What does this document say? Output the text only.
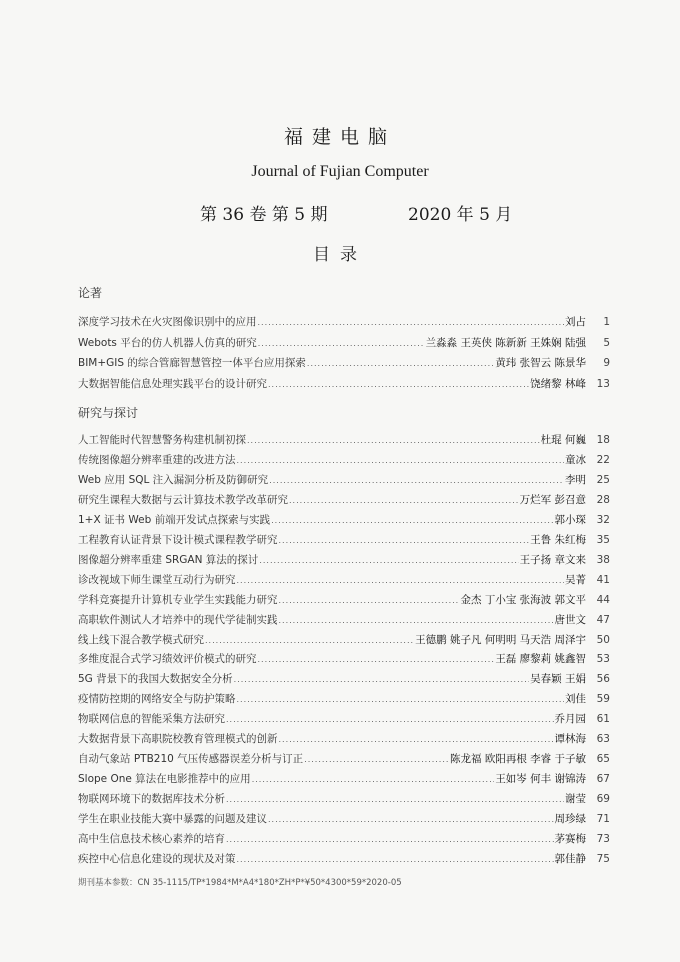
福建电脑
Journal of Fujian Computer
第 36 卷 第 5 期	2020 年 5 月
目录
论著
深度学习技术在火灾图像识别中的应用 .....	刘占	1
Webots 平台的仿人机器人仿真的研究 .....	兰淼淼 王英侠 陈新新 王姝娴 陆强	5
BIM+GIS 的综合管廊智慧管控一体平台应用探索 .....	黄玮 张智云 陈景华	9
大数据智能信息处理实践平台的设计研究 .....	饶绪黎 林峰	13
研究与探讨
人工智能时代智慧警务构建机制初探 .....	杜琨 何巍	18
传统图像超分辨率重建的改进方法 .....	童冰	22
Web 应用 SQL 注入漏洞分析及防御研究 .....	李明	25
研究生课程大数据与云计算技术教学改革研究 .....	万烂军 彭召意	28
1+X 证书 Web 前端开发试点探索与实践 .....	郭小琛	32
工程教育认证背景下设计模式课程教学研究 .....	王鲁 朱红梅	35
图像超分辨率重建 SRGAN 算法的探讨 .....	王子扬 章文来	38
诊改视域下师生课堂互动行为研究 .....	吴菁	41
学科竞赛提升计算机专业学生实践能力研究 .....	金杰 丁小宝 张海波 郭文平	44
高职软件测试人才培养中的现代学徒制实践 .....	唐世文	47
线上线下混合教学模式研究 .....	王德鹏 姚子凡 何明明 马天浩 周泽宇	50
多维度混合式学习绩效评价模式的研究 .....	王磊 廖黎莉 姚鑫智	53
5G 背景下的我国大数据安全分析 .....	吴春颖 王娟	56
疫情防控期的网络安全与防护策略 .....	刘佳	59
物联网信息的智能采集方法研究 .....	乔月园	61
大数据背景下高职院校教育管理模式的创新 .....	谭林海	63
自动气象站 PTB210 气压传感器误差分析与订正 .....	陈龙福 欧阳再根 李睿 于子敏	65
Slope One 算法在电影推荐中的应用 .....	王如岑 何丰 谢锦涛	67
物联网环境下的数据库技术分析 .....	谢莹	69
学生在职业技能大赛中暴露的问题及建议 .....	周珍绿	71
高中生信息技术核心素养的培育 .....	茅赛梅	73
疾控中心信息化建设的现状及对策 .....	郭佳静	75
期刊基本参数：CN 35-1115/TP*1984*M*A4*180*ZH*P*¥50*4300*59*2020-05
